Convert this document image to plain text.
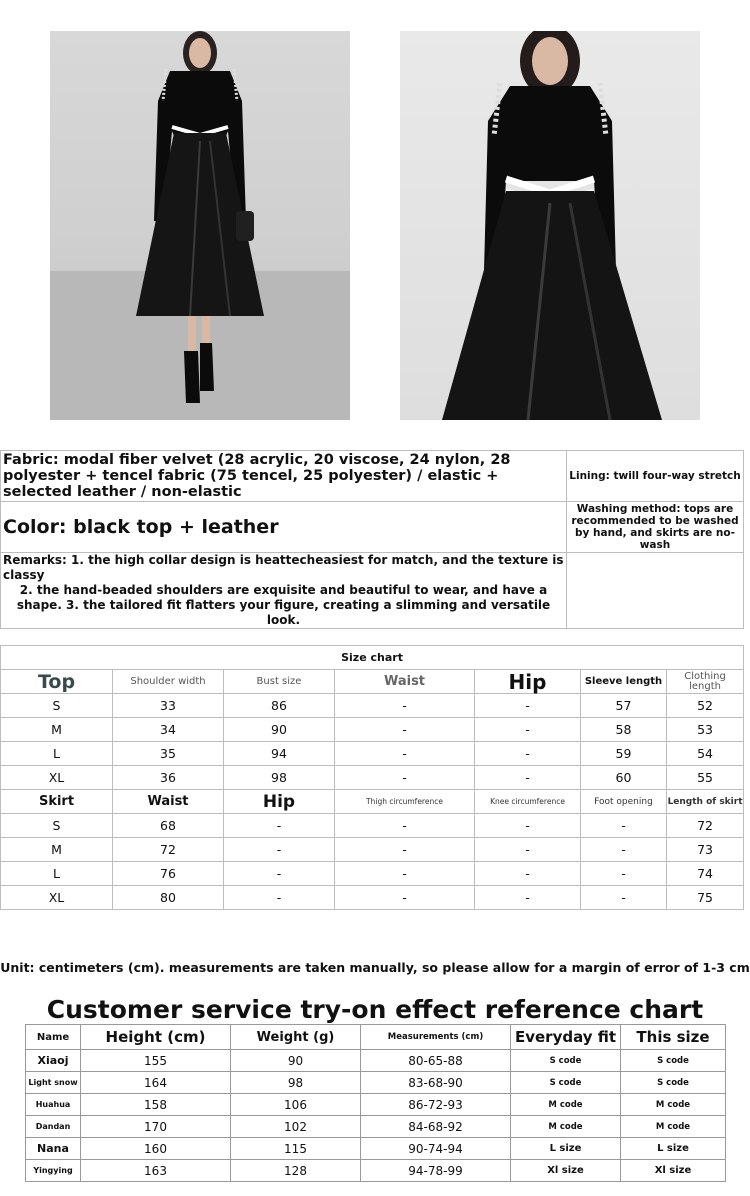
Fabric: modal fiber velvet (28 acrylic, 20 viscose, 24 nylon, 28 polyester + tencel fabric (75 tencel, 25 polyester) / elastic + selected leather / non-elastic	Lining: twill four-way stretch
Color: black top + leather	Washing method: tops are recommended to be washed by hand, and skirts are no-wash

Remarks: 1. the high collar design is heattecheasiest for match, and the texture is classy
2. the hand-beaded shoulders are exquisite and beautiful to wear, and have a shape. 3. the tailored fit flatters your figure, creating a slimming and versatile look.	
Size chart						
Top	Shoulder width	Bust size	Waist	Hip	Sleeve length	Clothing length
S	33	86	-	-	57	52
M	34	90	-	-	58	53
L	35	94	-	-	59	54
XL	36	98	-	-	60	55
Skirt	Waist	Hip	Thigh circumference	Knee circumference	Foot opening	Length of skirt
S	68	-	-	-	-	72
M	72	-	-	-	-	73
L	76	-	-	-	-	74
XL	80	-	-	-	-	75
Unit: centimeters (cm). measurements are taken manually, so please allow for a margin of error of 1-3 cm
Customer service try-on effect reference chart
Name	Height (cm)	Weight (g)	Measurements (cm)	Everyday fit	This size
Xiaoj	155	90	80-65-88	S code	S code
Light snow	164	98	83-68-90	S code	S code
Huahua	158	106	86-72-93	M code	M code
Dandan	170	102	84-68-92	M code	M code
Nana	160	115	90-74-94	L size	L size
Yingying	163	128	94-78-99	Xl size	Xl size
